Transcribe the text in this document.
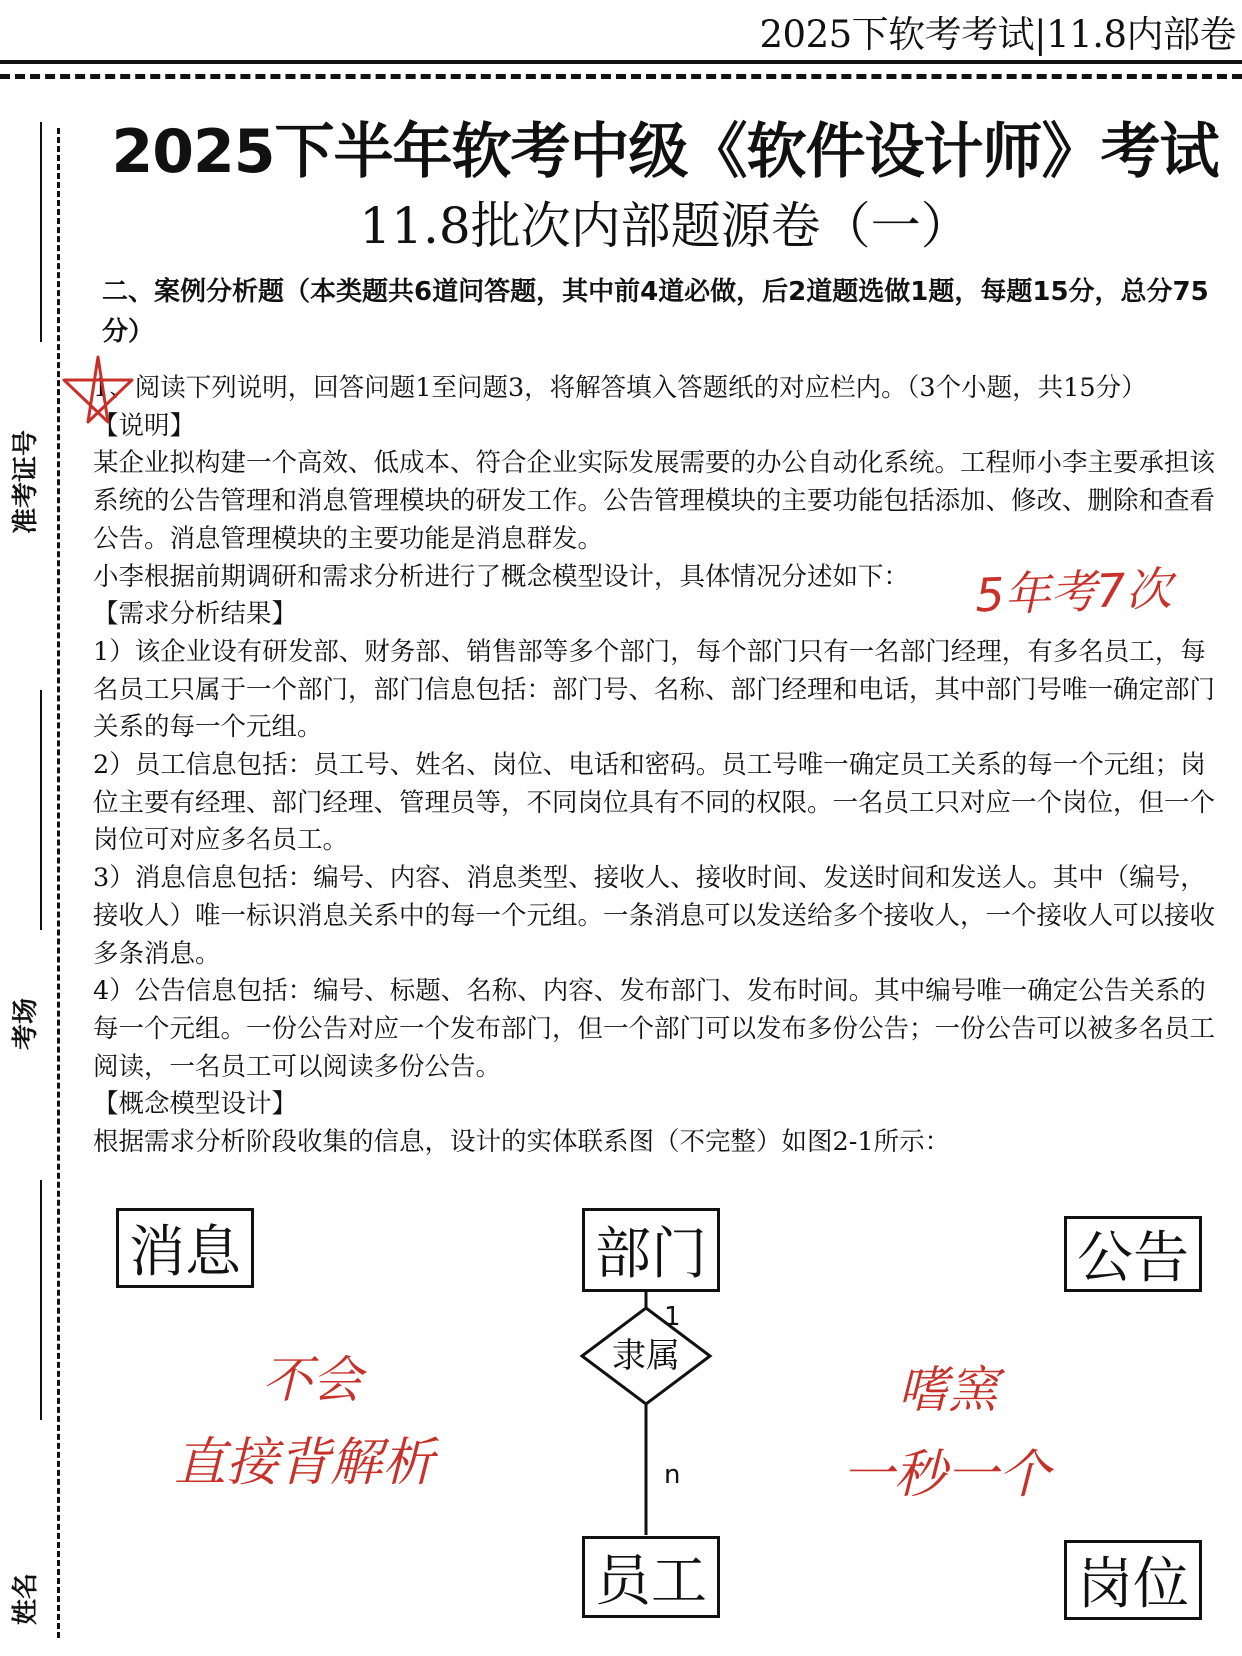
2025下软考考试|11.8内部卷
准考证号
考场
姓名
2025下半年软考中级《软件设计师》考试
11.8批次内部题源卷（一）
二、案例分析题（本类题共6道问答题，其中前4道必做，后2道题选做1题，每题15分，总分75分）

1、阅读下列说明，回答问题1至问题3，将解答填入答题纸的对应栏内。（3个小题，共15分）

【说明】

某企业拟构建一个高效、低成本、符合企业实际发展需要的办公自动化系统。工程师小李主要承担该系统的公告管理和消息管理模块的研发工作。公告管理模块的主要功能包括添加、修改、删除和查看公告。消息管理模块的主要功能是消息群发。

小李根据前期调研和需求分析进行了概念模型设计，具体情况分述如下：

【需求分析结果】

1）该企业设有研发部、财务部、销售部等多个部门，每个部门只有一名部门经理，有多名员工，每名员工只属于一个部门，部门信息包括：部门号、名称、部门经理和电话，其中部门号唯一确定部门关系的每一个元组。

2）员工信息包括：员工号、姓名、岗位、电话和密码。员工号唯一确定员工关系的每一个元组；岗位主要有经理、部门经理、管理员等，不同岗位具有不同的权限。一名员工只对应一个岗位，但一个岗位可对应多名员工。

3）消息信息包括：编号、内容、消息类型、接收人、接收时间、发送时间和发送人。其中（编号，接收人）唯一标识消息关系中的每一个元组。一条消息可以发送给多个接收人，一个接收人可以接收多条消息。

4）公告信息包括：编号、标题、名称、内容、发布部门、发布时间。其中编号唯一确定公告关系的每一个元组。一份公告对应一个发布部门，但一个部门可以发布多份公告；一份公告可以被多名员工阅读，一名员工可以阅读多份公告。

【概念模型设计】

根据需求分析阶段收集的信息，设计的实体联系图（不完整）如图2-1所示：

5年考7次
消息	部门	公告
员工	岗位
隶属
1
n
不会
直接背解析
嗜窯
一秒一个
